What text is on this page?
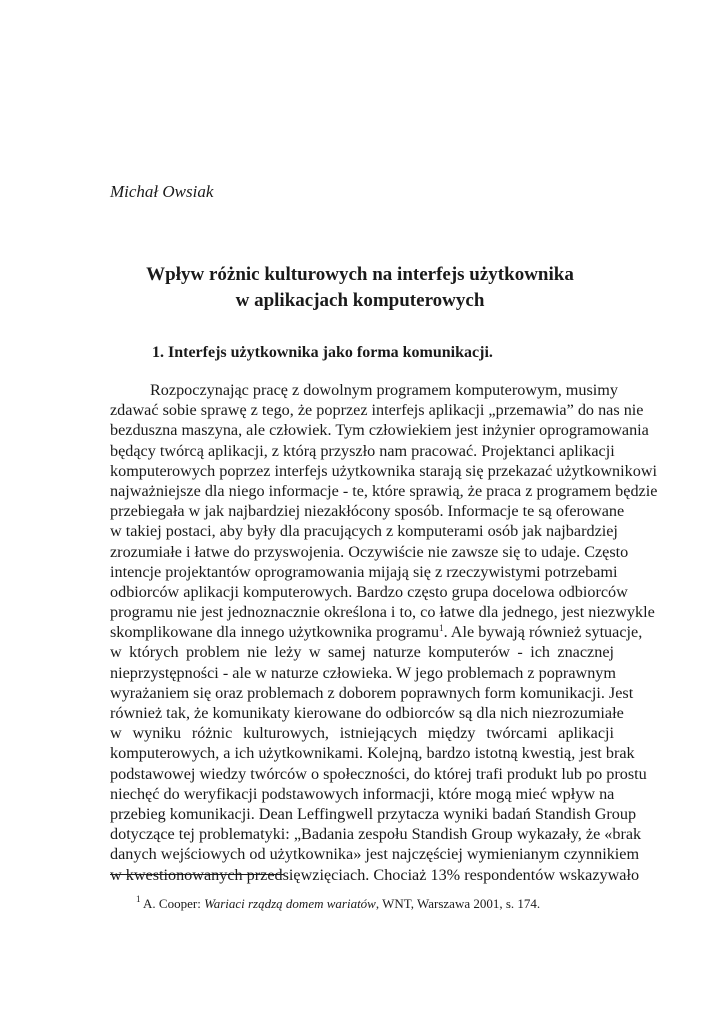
Michał Owsiak

Wpływ różnic kulturowych na interfejs użytkownika
w aplikacjach komputerowych
1. Interfejs użytkownika jako forma komunikacji.
Rozpoczynając pracę z dowolnym programem komputerowym, musimy
zdawać sobie sprawę z tego, że poprzez interfejs aplikacji „przemawia” do nas nie
bezduszna maszyna, ale człowiek. Tym człowiekiem jest inżynier oprogramowania
będący twórcą aplikacji, z którą przyszło nam pracować. Projektanci aplikacji
komputerowych poprzez interfejs użytkownika starają się przekazać użytkownikowi
najważniejsze dla niego informacje - te, które sprawią, że praca z programem będzie
przebiegała w jak najbardziej niezakłócony sposób. Informacje te są oferowane
w takiej postaci, aby były dla pracujących z komputerami osób jak najbardziej
zrozumiałe i łatwe do przyswojenia. Oczywiście nie zawsze się to udaje. Często
intencje projektantów oprogramowania mijają się z rzeczywistymi potrzebami
odbiorców aplikacji komputerowych. Bardzo często grupa docelowa odbiorców
programu nie jest jednoznacznie określona i to, co łatwe dla jednego, jest niezwykle
skomplikowane dla innego użytkownika programu$^1$. Ale bywają również sytuacje,
w których problem nie leży w samej naturze komputerów - ich znacznej
nieprzystępności - ale w naturze człowieka. W jego problemach z poprawnym
wyrażaniem się oraz problemach z doborem poprawnych form komunikacji. Jest
również tak, że komunikaty kierowane do odbiorców są dla nich niezrozumiałe
w wyniku różnic kulturowych, istniejących między twórcami aplikacji
komputerowych, a ich użytkownikami. Kolejną, bardzo istotną kwestią, jest brak
podstawowej wiedzy twórców o społeczności, do której trafi produkt lub po prostu
niechęć do weryfikacji podstawowych informacji, które mogą mieć wpływ na
przebieg komunikacji. Dean Leffingwell przytacza wyniki badań Standish Group
dotyczące tej problematyki: „Badania zespołu Standish Group wykazały, że «brak
danych wejściowych od użytkownika» jest najczęściej wymienianym czynnikiem
w kwestionowanych przedsięwzięciach. Chociaż 13% respondentów wskazywało

$^1$ A. Cooper: Wariaci rządzą domem wariatów, WNT, Warszawa 2001, s. 174.
